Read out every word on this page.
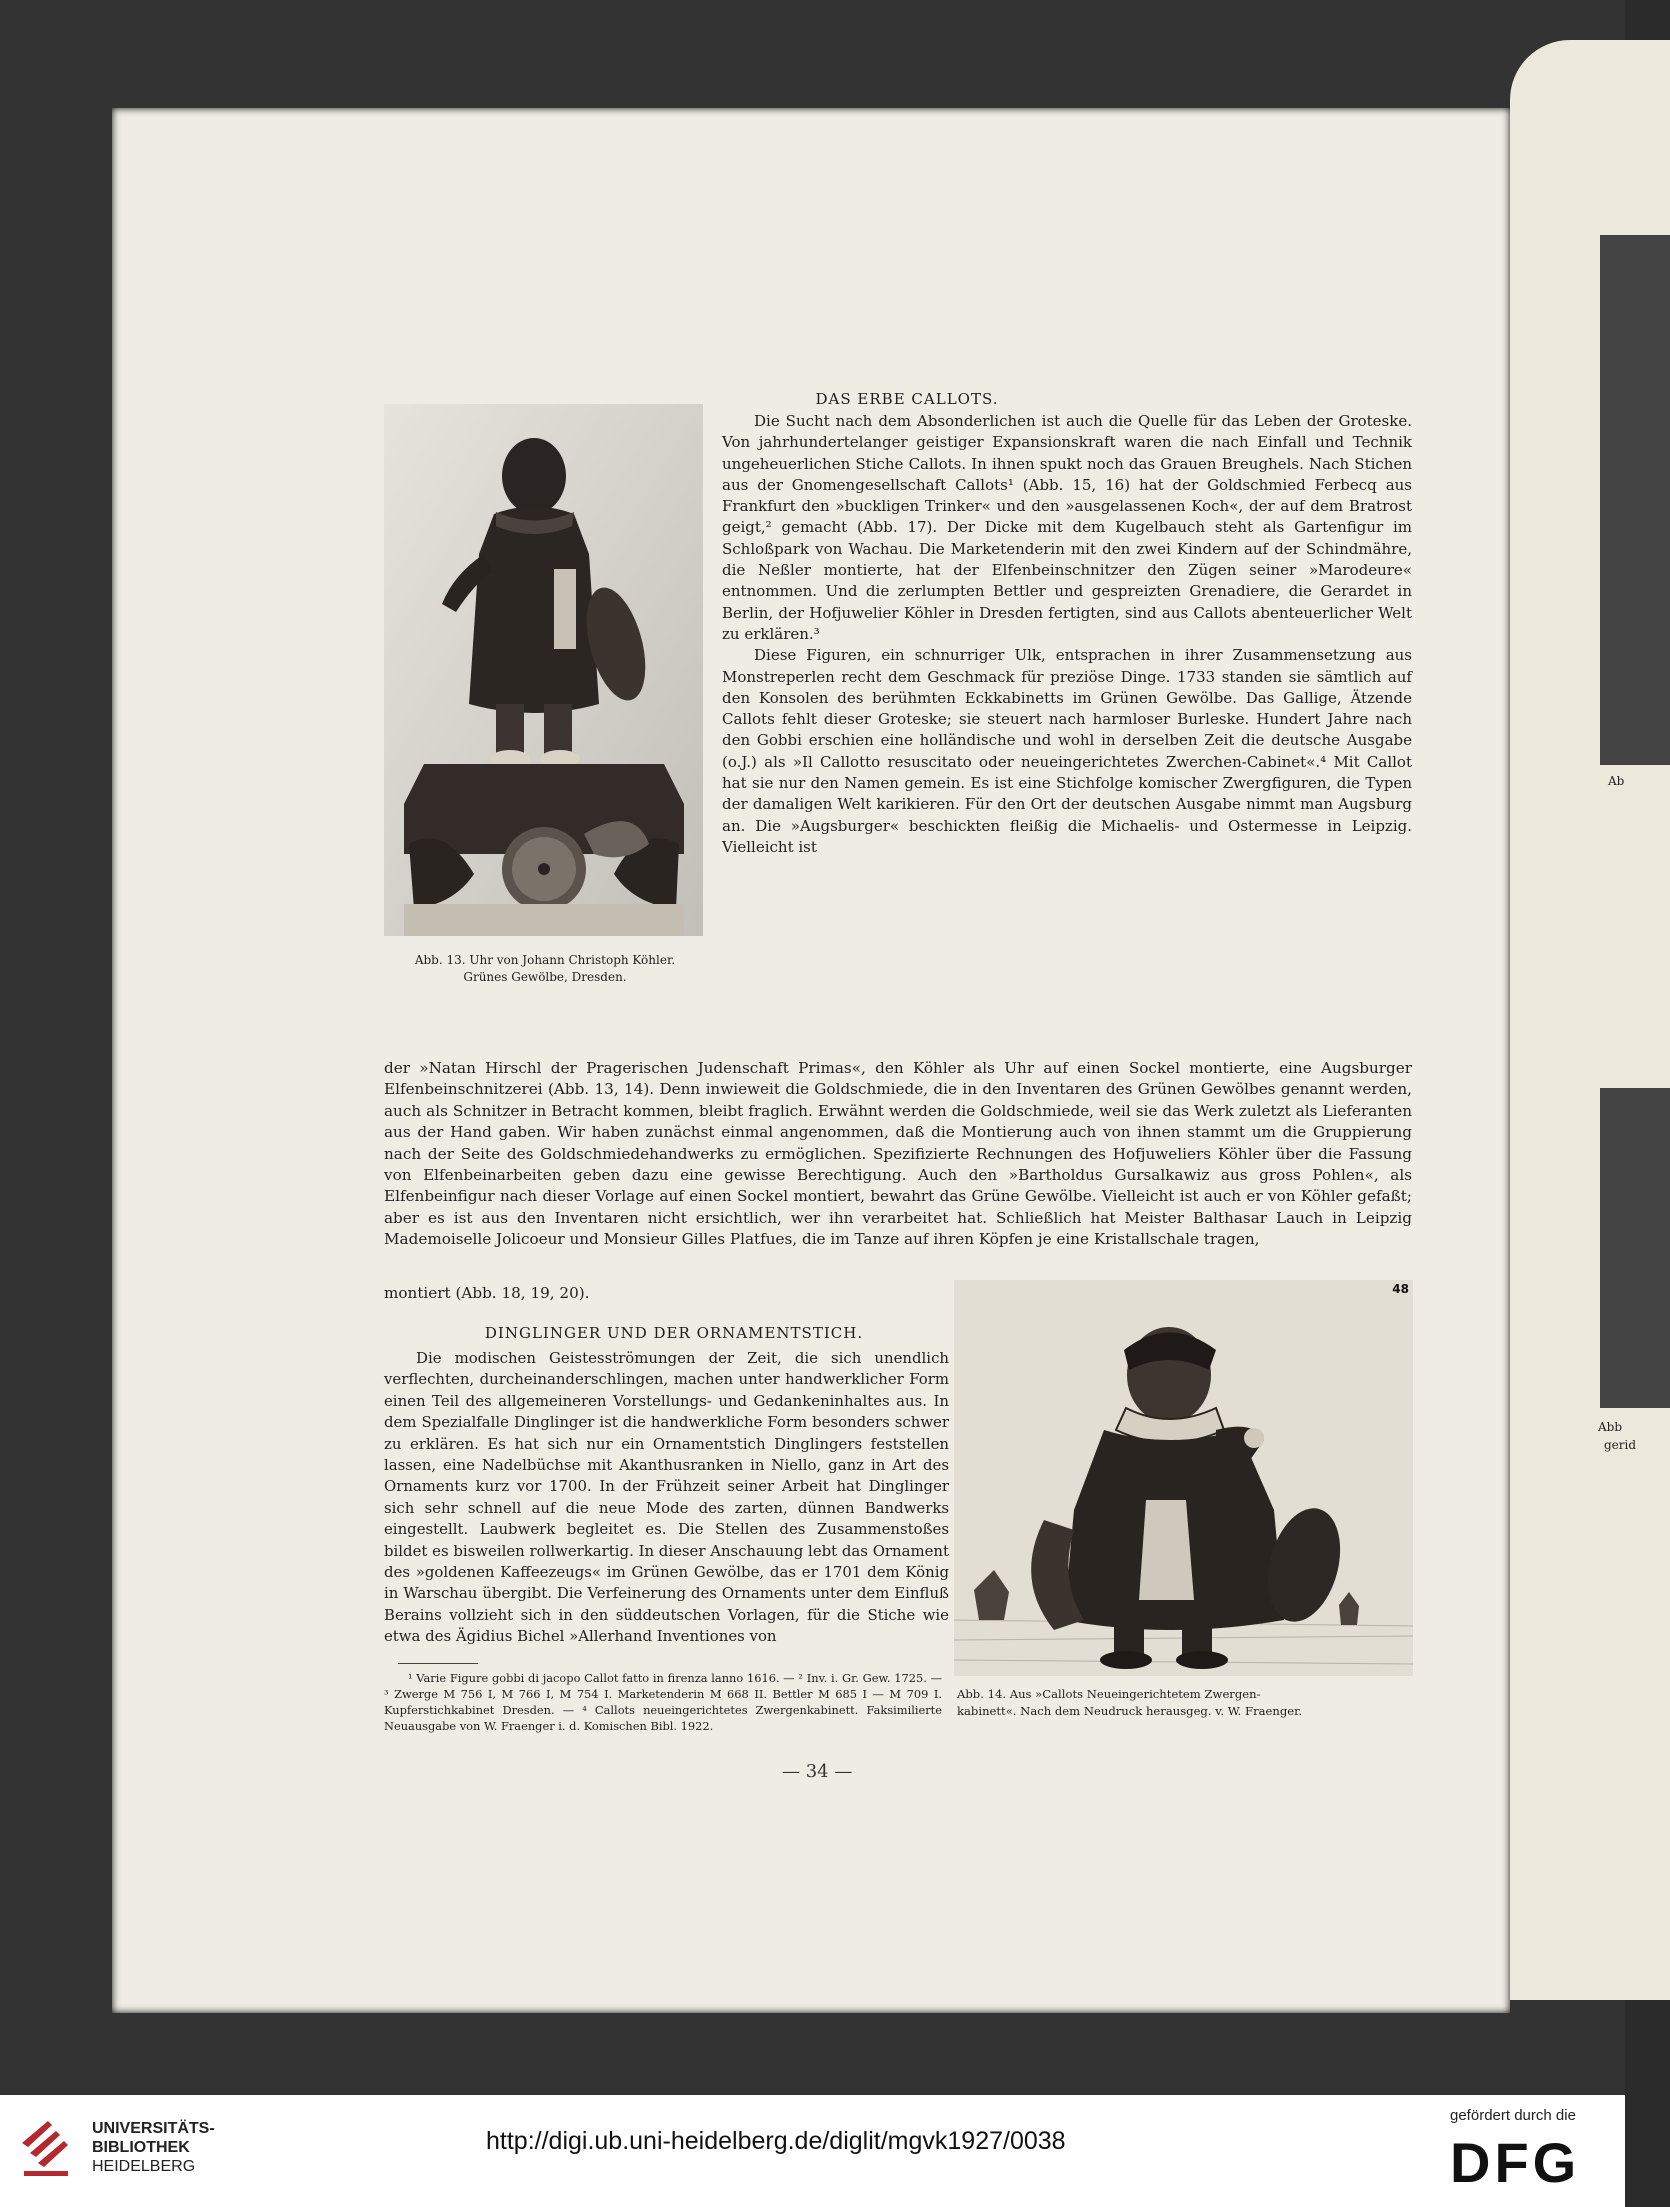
Ab
Abb
gerid
Abb. 13. Uhr von Johann Christoph Köhler.
Grünes Gewölbe, Dresden.
DAS ERBE CALLOTS.

Die Sucht nach dem Absonderlichen ist auch die Quelle für das Leben der Groteske. Von jahrhundertelanger geistiger Expansionskraft waren die nach Einfall und Technik ungeheuerlichen Stiche Callots. In ihnen spukt noch das Grauen Breughels. Nach Stichen aus der Gnomengesellschaft Callots¹ (Abb. 15, 16) hat der Goldschmied Ferbecq aus Frankfurt den »buckligen Trinker« und den »ausgelassenen Koch«, der auf dem Bratrost geigt,² gemacht (Abb. 17). Der Dicke mit dem Kugelbauch steht als Gartenfigur im Schloßpark von Wachau. Die Marketenderin mit den zwei Kindern auf der Schindmähre, die Neßler montierte, hat der Elfenbeinschnitzer den Zügen seiner »Marodeure« entnommen. Und die zerlumpten Bettler und gespreizten Grenadiere, die Gerardet in Berlin, der Hofjuwelier Köhler in Dresden fertigten, sind aus Callots abenteuerlicher Welt zu erklären.³

Diese Figuren, ein schnurriger Ulk, entsprachen in ihrer Zusammensetzung aus Monstreperlen recht dem Geschmack für preziöse Dinge. 1733 standen sie sämtlich auf den Konsolen des berühmten Eckkabinetts im Grünen Gewölbe. Das Gallige, Ätzende Callots fehlt dieser Groteske; sie steuert nach harmloser Burleske. Hundert Jahre nach den Gobbi erschien eine holländische und wohl in derselben Zeit die deutsche Ausgabe (o.J.) als »Il Callotto resuscitato oder neueingerichtetes Zwerchen-Cabinet«.⁴ Mit Callot hat sie nur den Namen gemein. Es ist eine Stichfolge komischer Zwergfiguren, die Typen der damaligen Welt karikieren. Für den Ort der deutschen Ausgabe nimmt man Augsburg an. Die »Augsburger« beschickten fleißig die Michaelis- und Ostermesse in Leipzig. Vielleicht ist

der »Natan Hirschl der Pragerischen Judenschaft Primas«, den Köhler als Uhr auf einen Sockel montierte, eine Augsburger Elfenbeinschnitzerei (Abb. 13, 14). Denn inwieweit die Goldschmiede, die in den Inventaren des Grünen Gewölbes genannt werden, auch als Schnitzer in Betracht kommen, bleibt fraglich. Erwähnt werden die Goldschmiede, weil sie das Werk zuletzt als Lieferanten aus der Hand gaben. Wir haben zunächst einmal angenommen, daß die Montierung auch von ihnen stammt um die Gruppierung nach der Seite des Goldschmiedehandwerks zu ermöglichen. Spezifizierte Rechnungen des Hofjuweliers Köhler über die Fassung von Elfenbeinarbeiten geben dazu eine gewisse Berechtigung. Auch den »Bartholdus Gursalkawiz aus gross Pohlen«, als Elfenbeinfigur nach dieser Vorlage auf einen Sockel montiert, bewahrt das Grüne Gewölbe. Vielleicht ist auch er von Köhler gefaßt; aber es ist aus den Inventaren nicht ersichtlich, wer ihn verarbeitet hat. Schließlich hat Meister Balthasar Lauch in Leipzig Mademoiselle Jolicoeur und Monsieur Gilles Platfues, die im Tanze auf ihren Köpfen je eine Kristallschale tragen,

montiert (Abb. 18, 19, 20).
DINGLINGER UND DER ORNAMENTSTICH.

Die modischen Geistesströmungen der Zeit, die sich unendlich verflechten, durcheinanderschlingen, machen unter handwerklicher Form einen Teil des allgemeineren Vorstellungs- und Gedankeninhaltes aus. In dem Spezialfalle Dinglinger ist die handwerkliche Form besonders schwer zu erklären. Es hat sich nur ein Ornamentstich Dinglingers feststellen lassen, eine Nadelbüchse mit Akanthusranken in Niello, ganz in Art des Ornaments kurz vor 1700. In der Frühzeit seiner Arbeit hat Dinglinger sich sehr schnell auf die neue Mode des zarten, dünnen Bandwerks eingestellt. Laubwerk begleitet es. Die Stellen des Zusammenstoßes bildet es bisweilen rollwerkartig. In dieser Anschauung lebt das Ornament des »goldenen Kaffeezeugs« im Grünen Gewölbe, das er 1701 dem König in Warschau übergibt. Die Verfeinerung des Ornaments unter dem Einfluß Berains vollzieht sich in den süddeutschen Vorlagen, für die Stiche wie etwa des Ägidius Bichel »Allerhand Inventiones von

48
Abb. 14. Aus »Callots Neueingerichtetem Zwergen-
kabinett«. Nach dem Neudruck herausgeg. v. W. Fraenger.
¹ Varie Figure gobbi di jacopo Callot fatto in firenza lanno 1616. — ² Inv. i. Gr. Gew. 1725. — ³ Zwerge M 756 I, M 766 I, M 754 I. Marketenderin M 668 II. Bettler M 685 I — M 709 I. Kupferstichkabinet Dresden. — ⁴ Callots neueingerichtetes Zwergenkabinett. Faksimilierte Neuausgabe von W. Fraenger i. d. Komischen Bibl. 1922.
— 34 —
UNIVERSITÄTS-
BIBLIOTHEK
HEIDELBERG
http://digi.ub.uni-heidelberg.de/diglit/mgvk1927/0038
gefördert durch die
DFG
